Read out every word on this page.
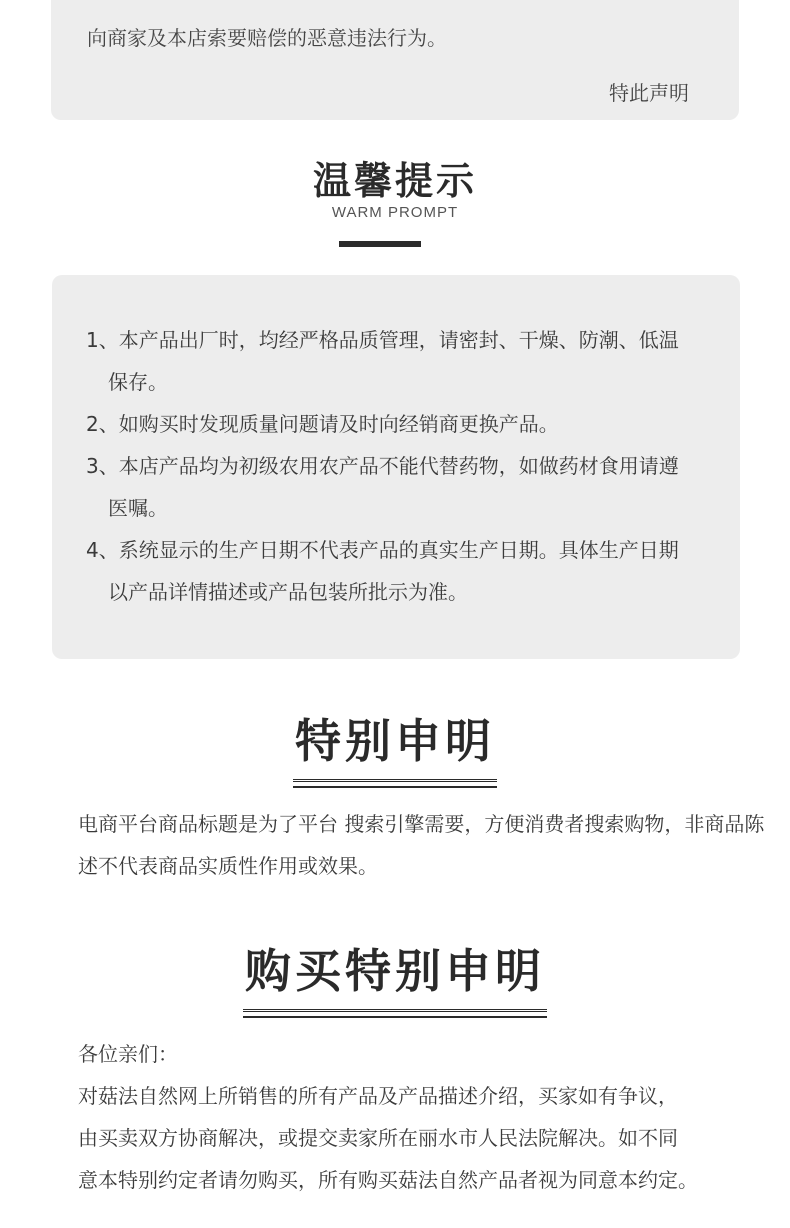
向商家及本店索要赔偿的恶意违法行为。

特此声明

温馨提示

WARM PROMPT

1、本产品出厂时，均经严格品质管理，请密封、干燥、防潮、低温保存。
2、如购买时发现质量问题请及时向经销商更换产品。
3、本店产品均为初级农用农产品不能代替药物，如做药材食用请遵医嘱。
4、系统显示的生产日期不代表产品的真实生产日期。具体生产日期以产品详情描述或产品包装所批示为准。
特别申明

电商平台商品标题是为了平台 搜索引擎需要，方便消费者搜索购物，非商品陈述不代表商品实质性作用或效果。

购买特别申明

各位亲们：

对菇法自然网上所销售的所有产品及产品描述介绍，买家如有争议，

由买卖双方协商解决，或提交卖家所在丽水市人民法院解决。如不同

意本特别约定者请勿购买，所有购买菇法自然产品者视为同意本约定。
